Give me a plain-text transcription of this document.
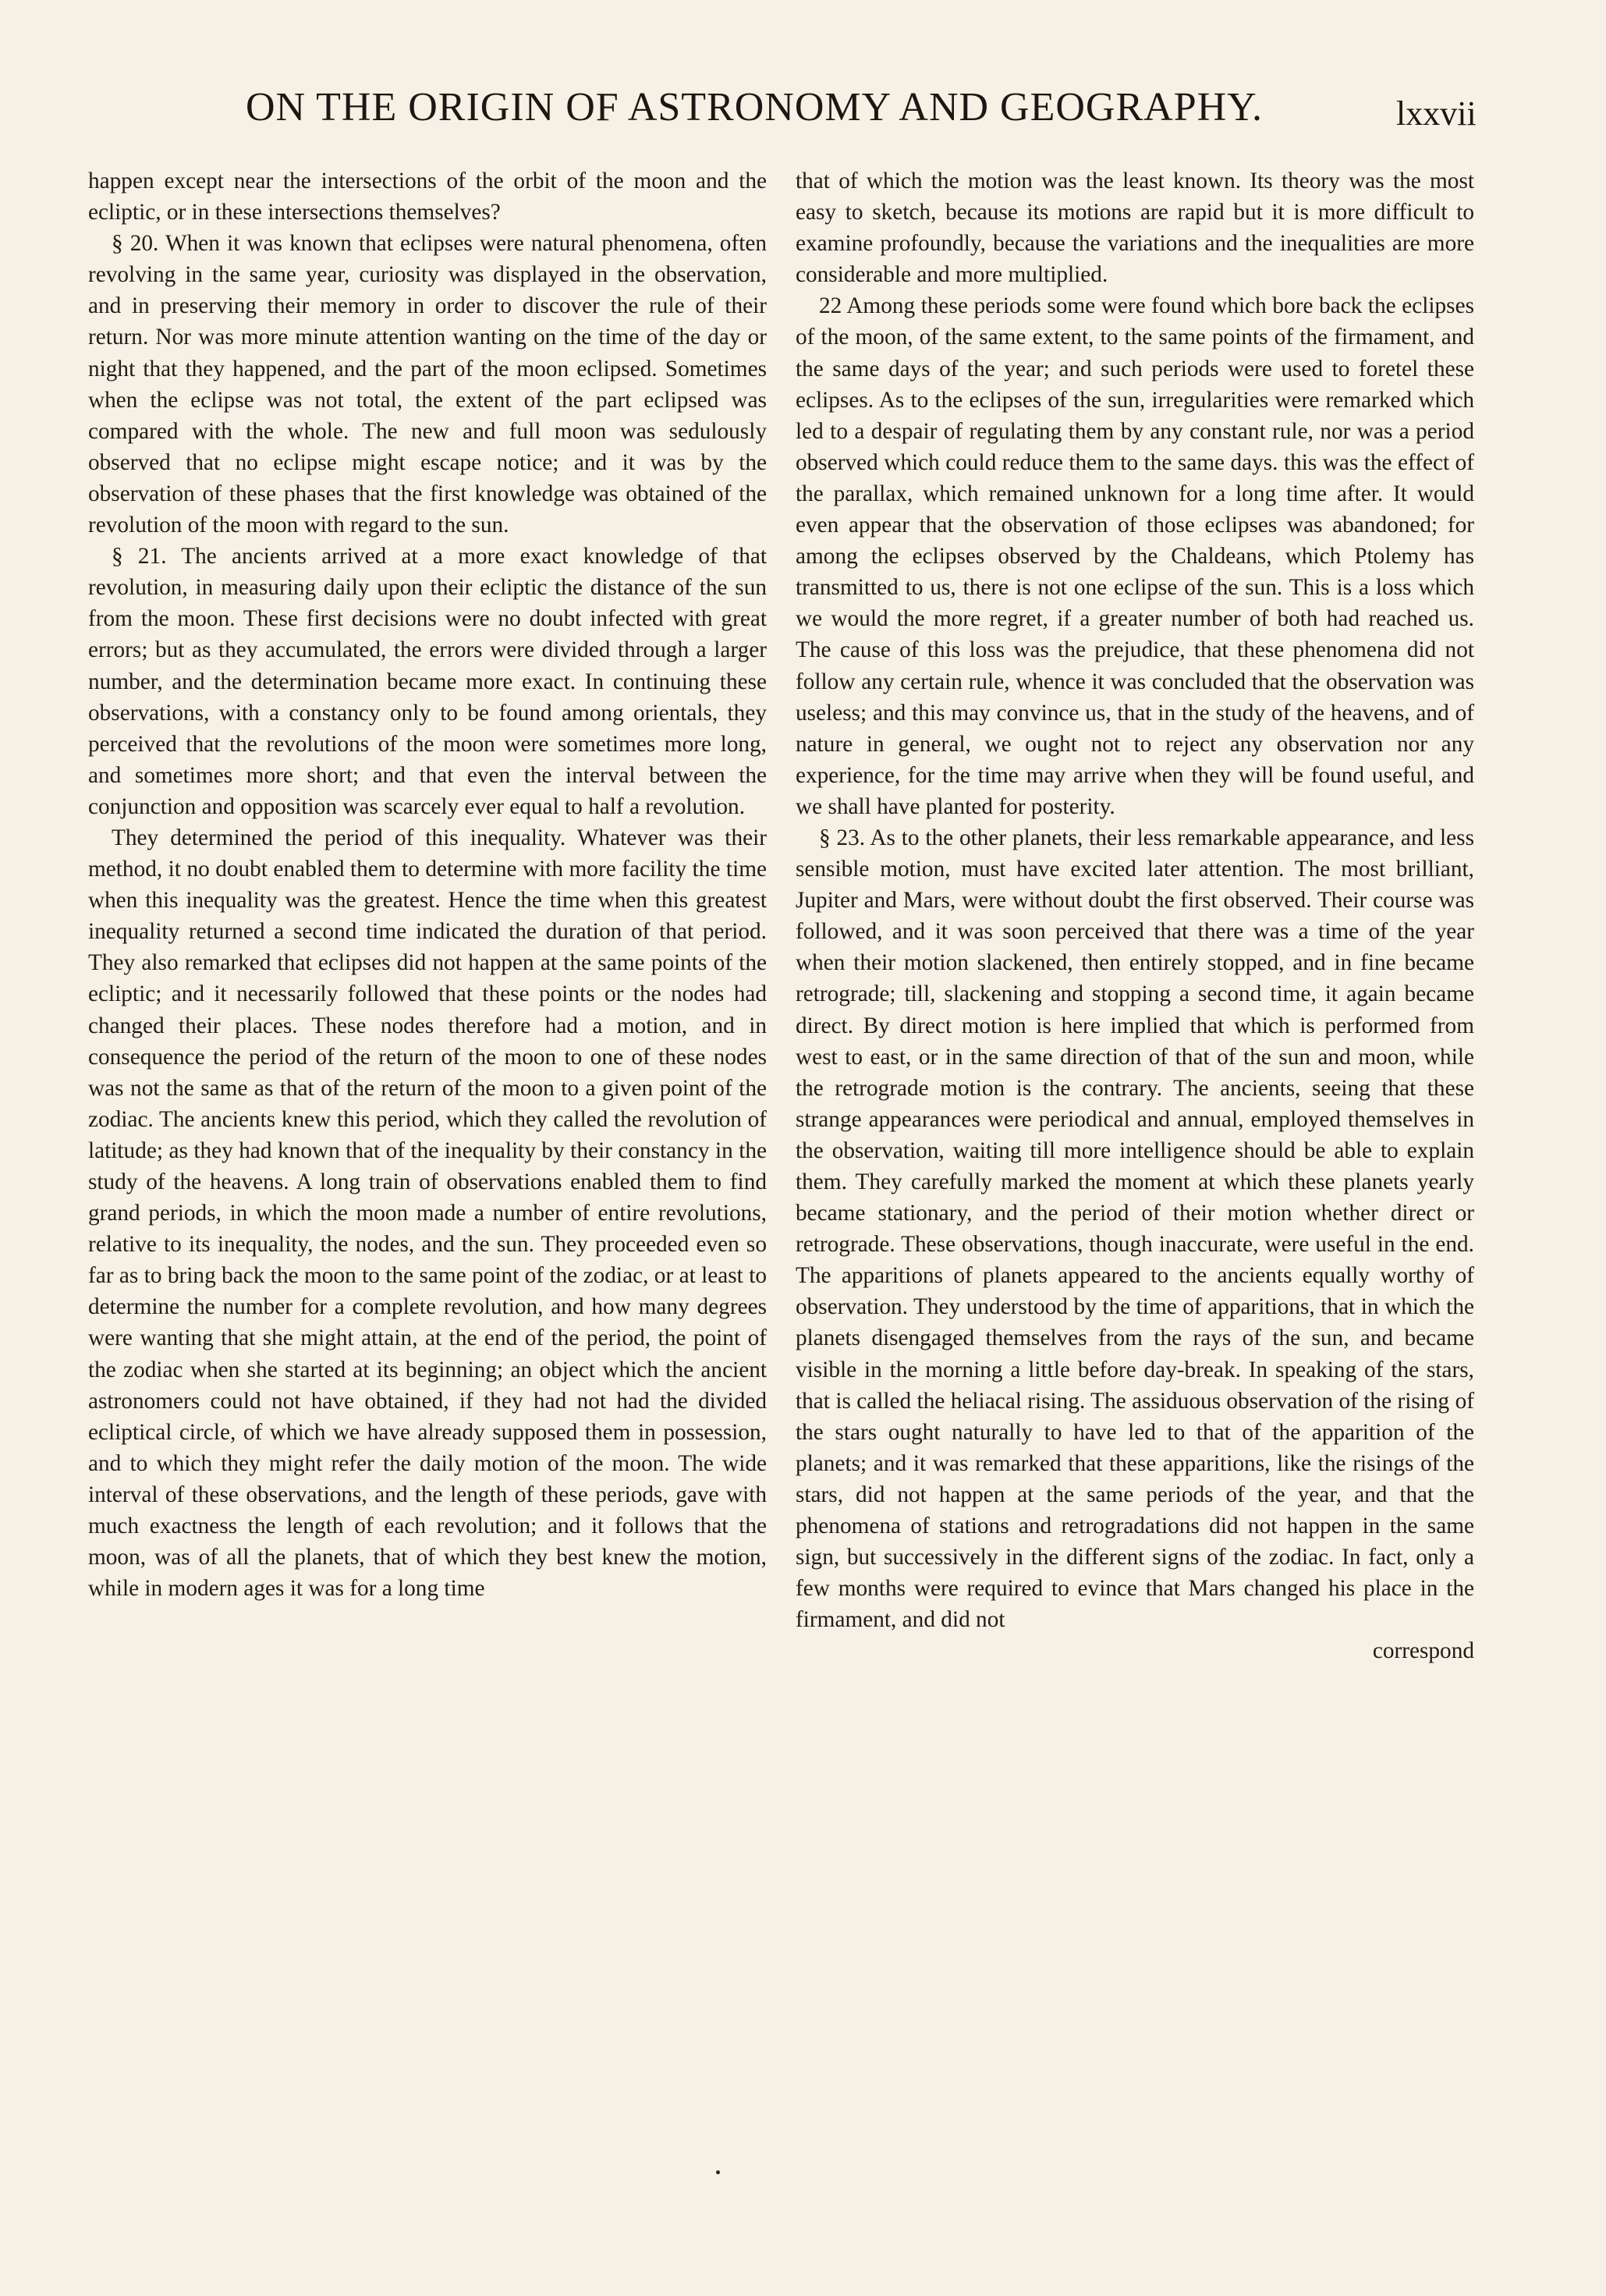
ON THE ORIGIN OF ASTRONOMY AND GEOGRAPHY.	lxxvii

happen except near the intersections of the orbit of the moon and the ecliptic, or in these intersections themselves?

§ 20. When it was known that eclipses were natural phenomena, often revolving in the same year, curiosity was displayed in the observation, and in preserving their memory in order to discover the rule of their return. Nor was more minute attention wanting on the time of the day or night that they happened, and the part of the moon eclipsed. Sometimes when the eclipse was not total, the extent of the part eclipsed was compared with the whole. The new and full moon was sedulously observed that no eclipse might escape notice; and it was by the observation of these phases that the first knowledge was obtained of the revolution of the moon with regard to the sun.

§ 21. The ancients arrived at a more exact knowledge of that revolution, in measuring daily upon their ecliptic the distance of the sun from the moon. These first decisions were no doubt infected with great errors; but as they accumulated, the errors were divided through a larger number, and the determination became more exact. In continuing these observations, with a constancy only to be found among orientals, they perceived that the revolutions of the moon were sometimes more long, and sometimes more short; and that even the interval between the conjunction and opposition was scarcely ever equal to half a revolution.

They determined the period of this inequality. Whatever was their method, it no doubt enabled them to determine with more facility the time when this inequality was the greatest. Hence the time when this greatest inequality returned a second time indicated the duration of that period. They also remarked that eclipses did not happen at the same points of the ecliptic; and it necessarily followed that these points or the nodes had changed their places. These nodes therefore had a motion, and in consequence the period of the return of the moon to one of these nodes was not the same as that of the return of the moon to a given point of the zodiac. The ancients knew this period, which they called the revolution of latitude; as they had known that of the inequality by their constancy in the study of the heavens. A long train of observations enabled them to find grand periods, in which the moon made a number of entire revolutions, relative to its inequality, the nodes, and the sun. They proceeded even so far as to bring back the moon to the same point of the zodiac, or at least to determine the number for a complete revolution, and how many degrees were wanting that she might attain, at the end of the period, the point of the zodiac when she started at its beginning; an object which the ancient astronomers could not have obtained, if they had not had the divided ecliptical circle, of which we have already supposed them in possession, and to which they might refer the daily motion of the moon. The wide interval of these observations, and the length of these periods, gave with much exactness the length of each revolution; and it follows that the moon, was of all the planets, that of which they best knew the motion, while in modern ages it was for a long time

that of which the motion was the least known. Its theory was the most easy to sketch, because its motions are rapid but it is more difficult to examine profoundly, because the variations and the inequalities are more considerable and more multiplied.

22 Among these periods some were found which bore back the eclipses of the moon, of the same extent, to the same points of the firmament, and the same days of the year; and such periods were used to foretel these eclipses. As to the eclipses of the sun, irregularities were remarked which led to a despair of regulating them by any constant rule, nor was a period observed which could reduce them to the same days. this was the effect of the parallax, which remained unknown for a long time after. It would even appear that the observation of those eclipses was abandoned; for among the eclipses observed by the Chaldeans, which Ptolemy has transmitted to us, there is not one eclipse of the sun. This is a loss which we would the more regret, if a greater number of both had reached us. The cause of this loss was the prejudice, that these phenomena did not follow any certain rule, whence it was concluded that the observation was useless; and this may convince us, that in the study of the heavens, and of nature in general, we ought not to reject any observation nor any experience, for the time may arrive when they will be found useful, and we shall have planted for posterity.

§ 23. As to the other planets, their less remarkable appearance, and less sensible motion, must have excited later attention. The most brilliant, Jupiter and Mars, were without doubt the first observed. Their course was followed, and it was soon perceived that there was a time of the year when their motion slackened, then entirely stopped, and in fine became retrograde; till, slackening and stopping a second time, it again became direct. By direct motion is here implied that which is performed from west to east, or in the same direction of that of the sun and moon, while the retrograde motion is the contrary. The ancients, seeing that these strange appearances were periodical and annual, employed themselves in the observation, waiting till more intelligence should be able to explain them. They carefully marked the moment at which these planets yearly became stationary, and the period of their motion whether direct or retrograde. These observations, though inaccurate, were useful in the end. The apparitions of planets appeared to the ancients equally worthy of observation. They understood by the time of apparitions, that in which the planets disengaged themselves from the rays of the sun, and became visible in the morning a little before day-break. In speaking of the stars, that is called the heliacal rising. The assiduous observation of the rising of the stars ought naturally to have led to that of the apparition of the planets; and it was remarked that these apparitions, like the risings of the stars, did not happen at the same periods of the year, and that the phenomena of stations and retrogradations did not happen in the same sign, but successively in the different signs of the zodiac. In fact, only a few months were required to evince that Mars changed his place in the firmament, and did not

correspond
